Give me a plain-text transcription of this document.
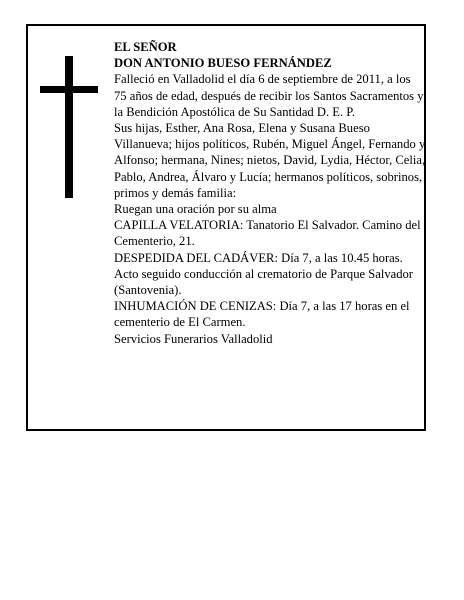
EL SEÑOR

DON ANTONIO BUESO FERNÁNDEZ

Falleció en Valladolid el día 6 de septiembre de 2011, a los 75 años de edad, después de recibir los Santos Sacramentos y la Bendición Apostólica de Su Santidad D. E. P.

Sus hijas, Esther, Ana Rosa, Elena y Susana Bueso Villanueva; hijos políticos, Rubén, Miguel Ángel, Fernando y Alfonso; hermana, Nines; nietos, David, Lydia, Héctor, Celia, Pablo, Andrea, Álvaro y Lucía; hermanos políticos, sobrinos, primos y demás familia:

Ruegan una oración por su alma

CAPILLA VELATORIA: Tanatorio El Salvador. Camino del Cementerio, 21.

DESPEDIDA DEL CADÁVER: Día 7, a las 10.45 horas. Acto seguido conducción al crematorio de Parque Salvador (Santovenia).

INHUMACIÓN DE CENIZAS: Día 7, a las 17 horas en el cementerio de El Carmen.

Servicios Funerarios Valladolid
